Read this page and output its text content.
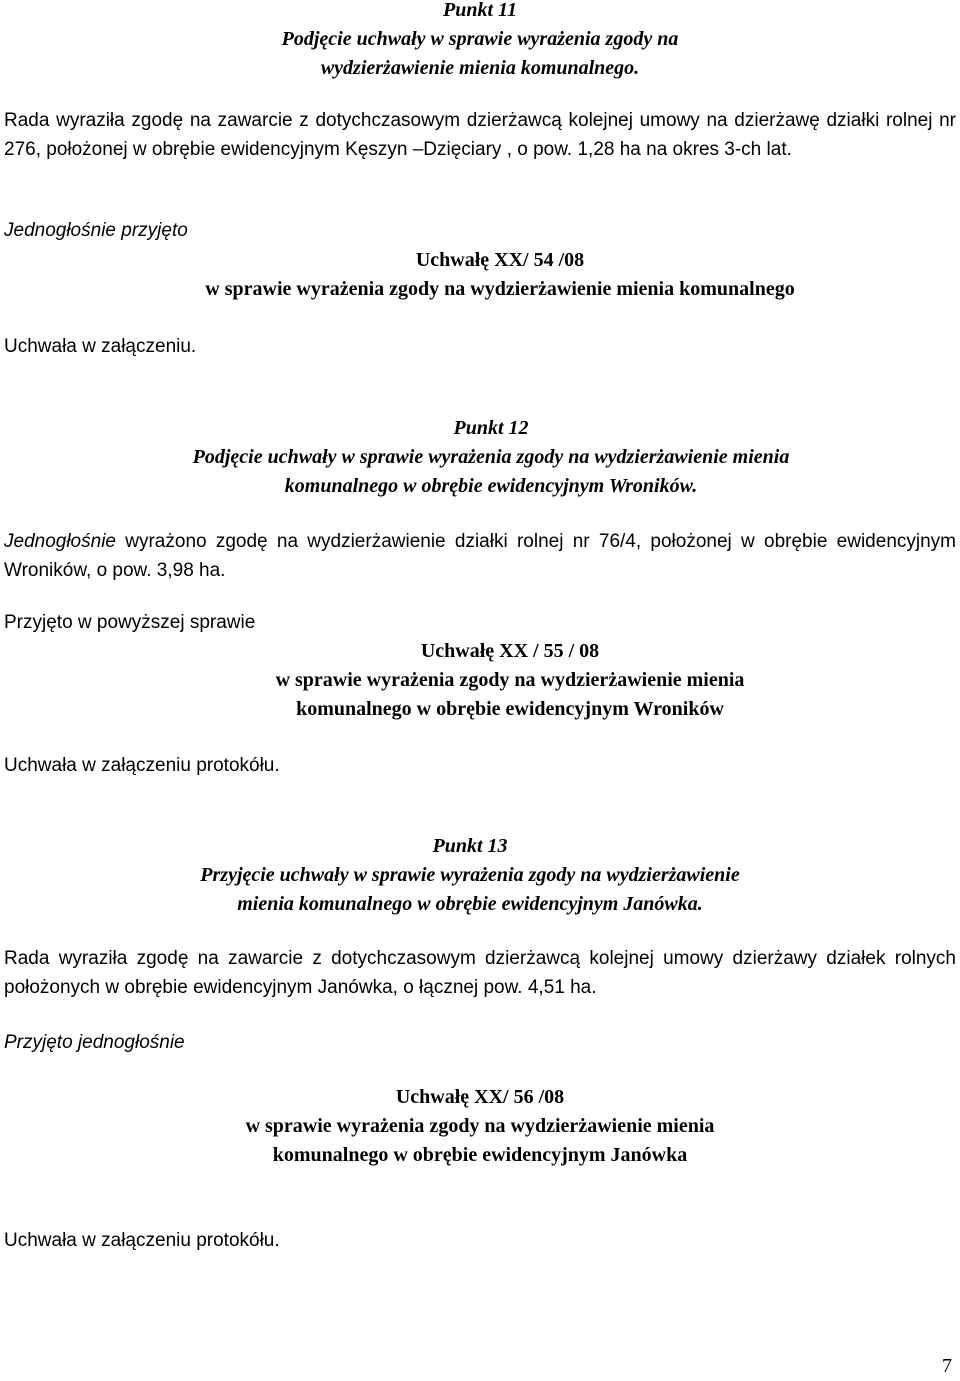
Punkt 11
Podjęcie uchwały w sprawie wyrażenia zgody na
wydzierżawienie mienia komunalnego.

Rada wyraziła zgodę na zawarcie z dotychczasowym dzierżawcą kolejnej umowy na dzierżawę działki rolnej nr 276, położonej w obrębie ewidencyjnym Kęszyn –Dzięciary , o pow. 1,28 ha na okres 3-ch lat.

Jednogłośnie przyjęto

Uchwałę XX/ 54 /08
w sprawie wyrażenia zgody na wydzierżawienie mienia komunalnego

Uchwała w załączeniu.

Punkt 12
Podjęcie uchwały w sprawie wyrażenia zgody na wydzierżawienie mienia
komunalnego w obrębie ewidencyjnym Wroników.

Jednogłośnie wyrażono zgodę na wydzierżawienie działki rolnej nr 76/4, położonej w obrębie ewidencyjnym Wroników, o pow. 3,98 ha.

Przyjęto w powyższej sprawie

Uchwałę XX / 55 / 08
w sprawie wyrażenia zgody na wydzierżawienie mienia
komunalnego w obrębie ewidencyjnym Wroników

Uchwała w załączeniu protokółu.

Punkt 13
Przyjęcie uchwały w sprawie wyrażenia zgody na wydzierżawienie
mienia komunalnego w obrębie ewidencyjnym Janówka.

Rada wyraziła zgodę na zawarcie z dotychczasowym dzierżawcą kolejnej umowy dzierżawy działek rolnych położonych w obrębie ewidencyjnym Janówka, o łącznej pow. 4,51 ha.

Przyjęto jednogłośnie

Uchwałę XX/ 56 /08
w sprawie wyrażenia zgody na wydzierżawienie mienia
komunalnego w obrębie ewidencyjnym Janówka

Uchwała w załączeniu protokółu.

7
